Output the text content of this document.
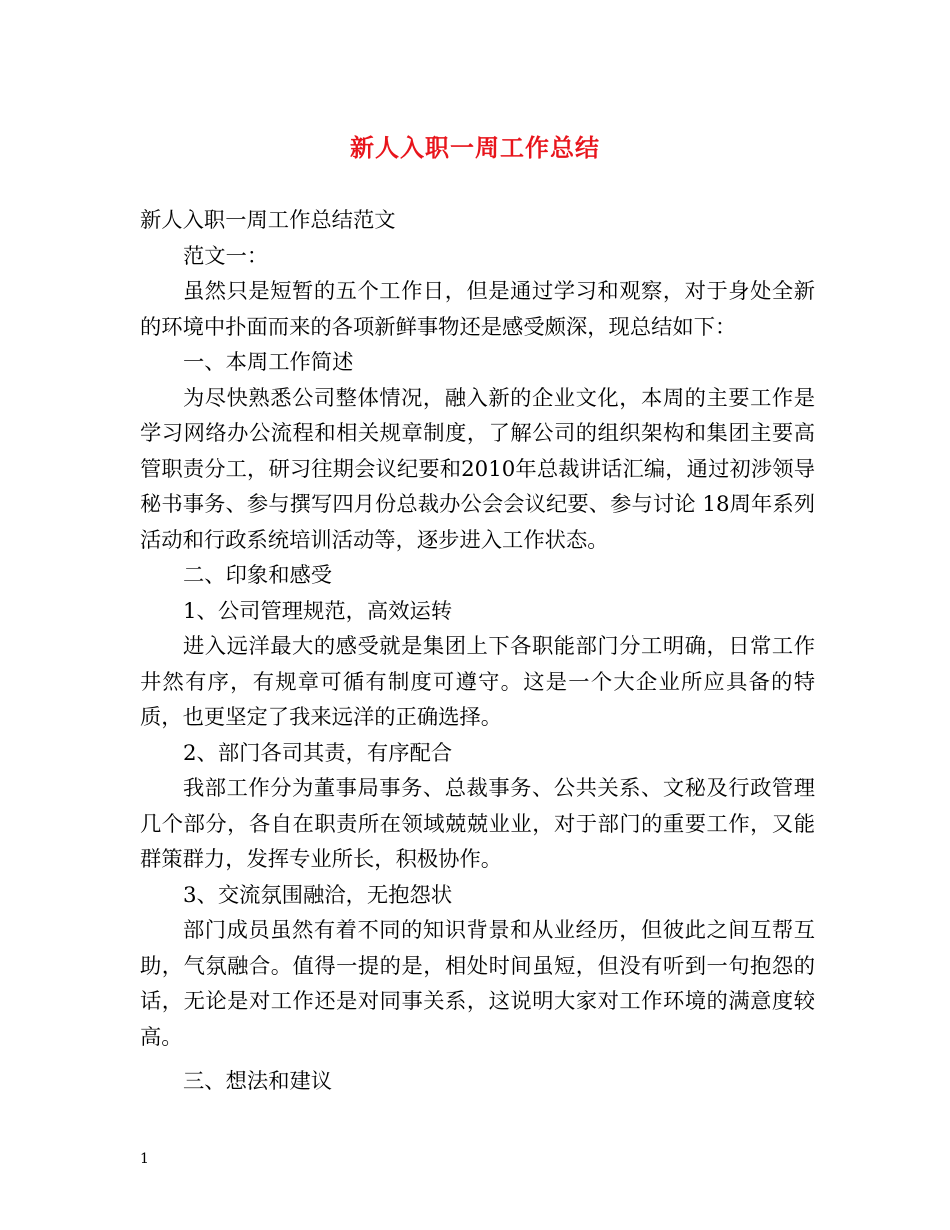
新人入职一周工作总结

新人入职一周工作总结范文

范文一：

虽然只是短暂的五个工作日，但是通过学习和观察，对于身处全新的环境中扑面而来的各项新鲜事物还是感受颇深，现总结如下：

一、本周工作简述

为尽快熟悉公司整体情况，融入新的企业文化，本周的主要工作是学习网络办公流程和相关规章制度，了解公司的组织架构和集团主要高管职责分工，研习往期会议纪要和2010年总裁讲话汇编，通过初涉领导秘书事务、参与撰写四月份总裁办公会会议纪要、参与讨论 18周年系列活动和行政系统培训活动等，逐步进入工作状态。

二、印象和感受

1、公司管理规范，高效运转

进入远洋最大的感受就是集团上下各职能部门分工明确，日常工作井然有序，有规章可循有制度可遵守。这是一个大企业所应具备的特质，也更坚定了我来远洋的正确选择。

2、部门各司其责，有序配合

我部工作分为董事局事务、总裁事务、公共关系、文秘及行政管理几个部分，各自在职责所在领域兢兢业业，对于部门的重要工作，又能群策群力，发挥专业所长，积极协作。

3、交流氛围融洽，无抱怨状

部门成员虽然有着不同的知识背景和从业经历，但彼此之间互帮互助，气氛融合。值得一提的是，相处时间虽短，但没有听到一句抱怨的话，无论是对工作还是对同事关系，这说明大家对工作环境的满意度较高。

三、想法和建议

1
